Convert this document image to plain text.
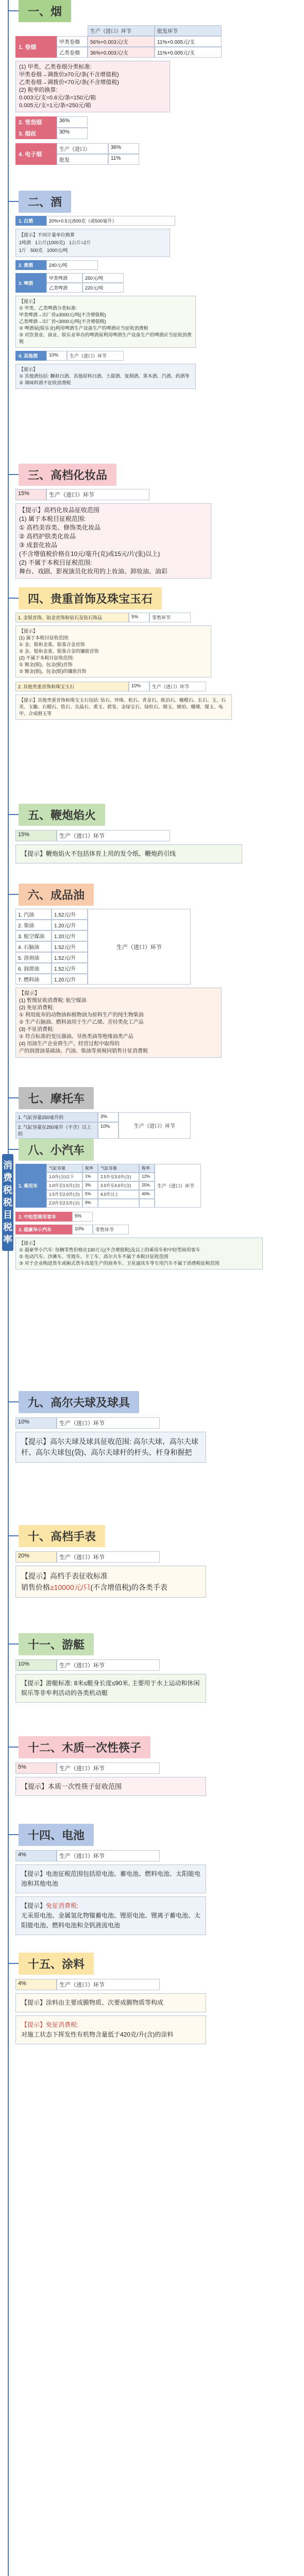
消费税税目税率
一、烟
生产（进口）环节	批发环节
1. 卷烟
甲类卷烟	56%+0.003元/支	11%+0.005元/支
乙类卷烟	36%+0.003元/支	11%+0.005元/支
(1) 甲类、乙类卷烟分类标准:
甲类卷烟→调拨价≥70元/条(不含增值税)
乙类卷烟→调拨价<70元/条(不含增值税)
(2) 税率的换算:
0.003元/支=0.6元/条=150元/箱
0.005元/支=1元/条=250元/箱
2. 雪茄烟	36%
3. 烟丝	30%
4. 电子烟
生产（进口）	36%
批发	11%
二、酒
1. 白酒	20%+0.5元/500克（或500毫升）
【提示】不同计量单位换算
1吨酒 1公斤(1000克) 1公斤=2斤
1斤 500克 1000元/吨
2. 黄酒	240元/吨
3. 啤酒
甲类啤酒	250元/吨
乙类啤酒	220元/吨
【提示】
① 甲类、乙类啤酒分类标准:
甲类啤酒→出厂价≥3000元/吨(不含增值税)
乙类啤酒→出厂价<3000元/吨(不含增值税)
② 啤酒屋(娱乐业)利用啤酒生产设备生产的啤酒应当征收消费税
③ 对饮食业、商业、娱乐业举办的啤酒屋利用啤酒生产设备生产的啤酒应当征收消费税
4. 其他酒	10%	生产（进口）环节
【提示】
① 其他酒包括: 糠麸白酒、其他原料白酒、土甜酒、复制酒、果木酒、汽酒、药酒等
② 调味料酒不征收消费税
三、高档化妆品
15%	生产（进口）环节
【提示】高档化妆品征收范围
(1) 属于本税目征税范围:
① 高档美容类、修饰类化妆品
② 高档护肤类化妆品
③ 成套化妆品
(不含增值税价格在10元/毫升(克)或15元/片(张)以上)
(2) 不属于本税目征税范围:
舞台、戏剧、影视演员化妆用的上妆油、卸妆油、油彩
四、贵重首饰及珠宝玉石
1. 金银首饰、铂金首饰和钻石及钻石饰品	5%	零售环节
【提示】
(1) 属于本税目征收范围:
① 金、银和金基、银基合金首饰
② 金、银和金基、银基合金的镶嵌首饰
(2) 不属于本税目征收范围:
① 镀金(银)、包金(银)首饰
② 镀金(银)、包金(银)的镶嵌首饰
2. 其他贵重首饰和珠宝玉石	10%	生产（进口）环节
【提示】其他贵重首饰和珠宝玉石包括: 钻石、珍珠、松石、青金石、欧泊石、橄榄石、长石、玉、石英、玉髓、石榴石、锆石、尖晶石、黄玉、碧玺、金绿宝石、绿柱石、刚玉、琥珀、珊瑚、煤玉、龟甲、合成刚玉等
五、鞭炮焰火
15%	生产（进口）环节
【提示】鞭炮焰火不包括体育上用的发令纸、鞭炮药引线
六、成品油
1. 汽油	1.52元/升
2. 柴油	1.20元/升
3. 航空煤油	1.20元/升
4. 石脑油	1.52元/升
5. 溶剂油	1.52元/升
6. 润滑油	1.52元/升
7. 燃料油	1.20元/升
生产（进口）环节
【提示】
(1) 暂缓征收消费税: 航空煤油
(2) 免征消费税:
① 利用废弃的动物油和植物油为原料生产的纯生物柴油
② 生产石脑油、燃料油用于生产乙烯、芳烃类化工产品
(3) 不征消费税:
① 符合标准的变压器油、导热类油等绝缘油类产品
(4) 用油生产企业将生产、经营过程中取得的
产的润滑油基础油、汽油、柴油等须视同销售计征消费税
七、摩托车
1. 气缸容量250毫升的	3%
2. 气缸容量在250毫升（不含）以上的
10%	生产（进口）环节
八、小汽车
1. 乘用车
气缸容量	税率	气缸容量	税率
1.0升(含)以下	1%	2.5升至3.0升(含)	12%
1.0升至1.5升(含)	3%	3.0升至4.0升(含)	25%
1.5升至2.0升(含)	5%	4.0升以上	40%
2.0升至2.5升(含)	9%
生产（进口）环节
2. 中轻型商用客车	5%
3. 超豪华小汽车	10%	零售环节
【提示】
① 超豪华小汽车: 每辆零售价格在130万元(不含增值税)及以上的乘用车和中轻型商用客车
② 电动汽车、沙滩车、雪地车、卡丁车、高尔夫车不属于本税目征收范围
③ 对于企业购进货车或厢式货车改装生产的商务车、卫星通讯车等专用汽车不属于消费税征税范围
九、高尔夫球及球具
10%	生产（进口）环节
【提示】高尔夫球及球具征收范围: 高尔夫球、高尔夫球杆、高尔夫球包(袋)、高尔夫球杆的杆头、杆身和握把
十、高档手表
20%	生产（进口）环节
【提示】高档手表征收标准
销售价格≥10000元/只(不含增值税)的各类手表
十一、游艇
10%	生产（进口）环节
【提示】游艇标准: 8米≤艇身长度≤90米, 主要用于水上运动和休闲娱乐等非牟利活动的各类机动艇
十二、木质一次性筷子
5%	生产（进口）环节
【提示】本质一次性筷子征收范围
十四、电池
4%	生产（进口）环节
【提示】电池征税范围包括原电池、蓄电池、燃料电池、太阳能电池和其他电池
【提示】免征消费税:
无汞原电池、金属氢化物镍蓄电池、锂原电池、锂离子蓄电池、太阳能电池、燃料电池和全钒液流电池
十五、涂料
4%	生产（进口）环节
【提示】涂料由主要成膜物质、次要成膜物质等构成
【提示】免征消费税:
对施工状态下挥发性有机物含量低于420克/升(含)的涂料
